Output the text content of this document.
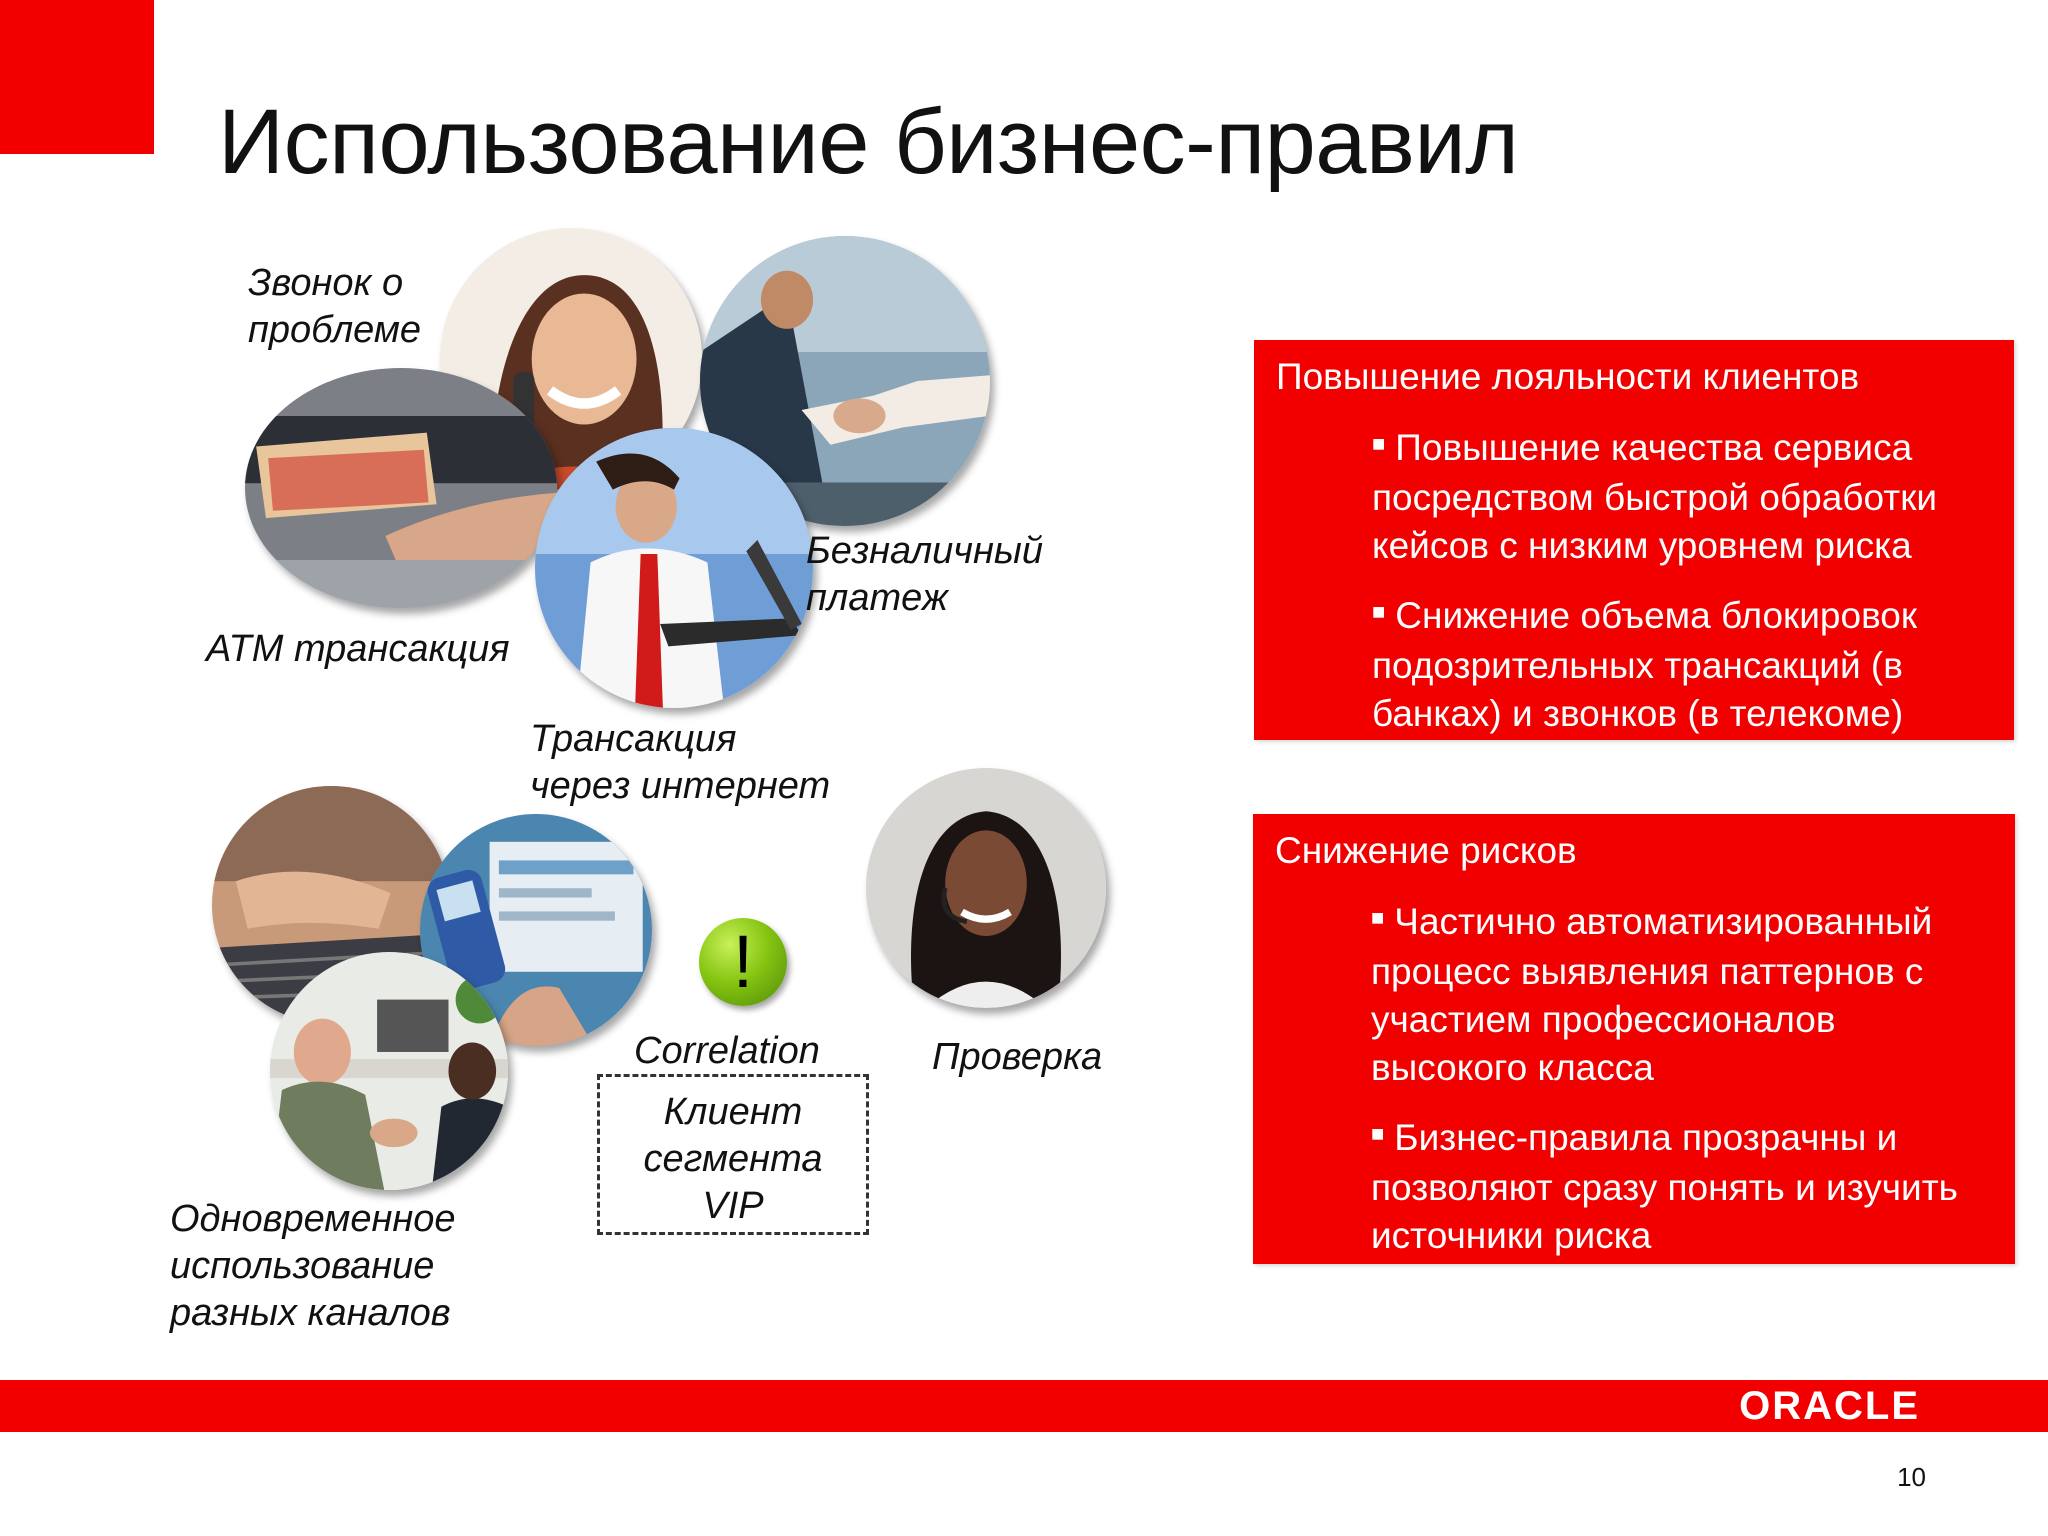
Использование бизнес-правил
Звонок о
проблеме
ATM трансакция
Безналичный
платеж
Трансакция
через интернет
Одновременное
использование
разных каналов
Correlation	Проверка
!
Клиент
сегмента
VIP
Повышение лояльности клиентов
■ Повышение качества сервиса посредством быстрой обработки кейсов с низким уровнем риска
■ Снижение объема блокировок подозрительных трансакций (в банках) и звонков (в телекоме)
Снижение рисков
■ Частично автоматизированный процесс выявления паттернов с участием профессионалов высокого класса
■ Бизнес-правила прозрачны и позволяют сразу понять и изучить источники риска
ORACLE
10
